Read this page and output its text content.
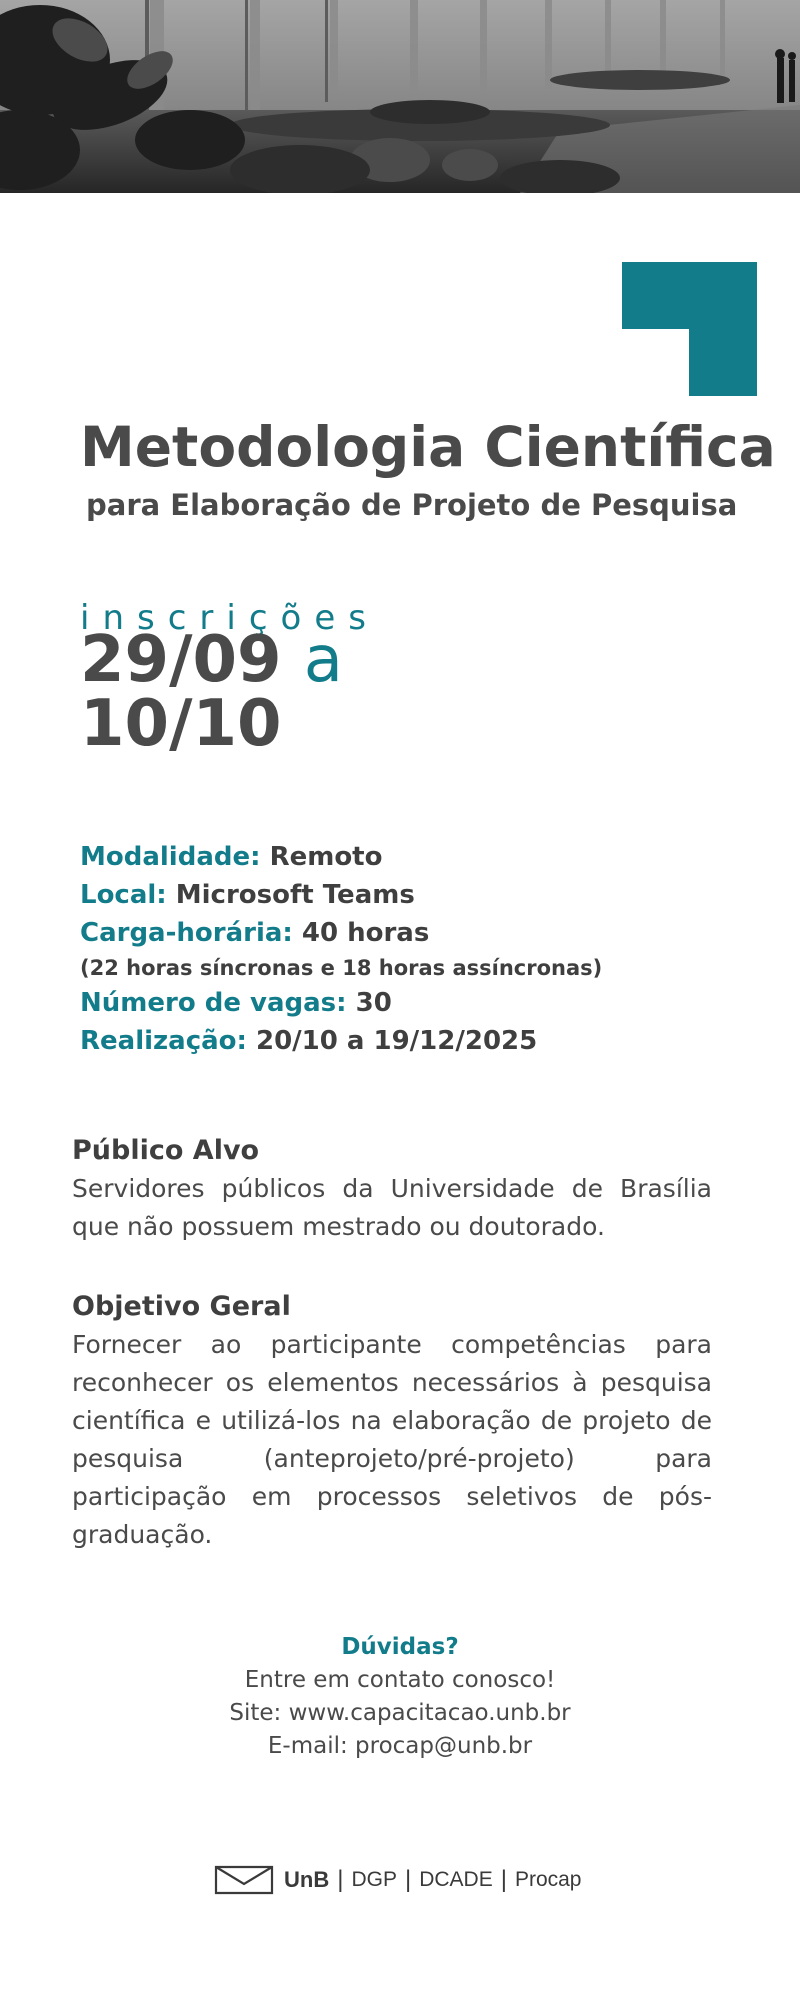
Metodologia Científica
para Elaboração de Projeto de Pesquisa
inscrições
29/09 a
10/10
Modalidade: Remoto
Local: Microsoft Teams
Carga-horária: 40 horas
(22 horas síncronas e 18 horas assíncronas)
Número de vagas: 30
Realização: 20/10 a 19/12/2025
Público Alvo

Servidores públicos da Universidade de Brasília que não possuem mestrado ou doutorado.

Objetivo Geral

Fornecer ao participante competências para reconhecer os elementos necessários à pesquisa científica e utilizá-los na elaboração de projeto de pesquisa (anteprojeto/pré-projeto) para participação em processos seletivos de pós-graduação.

Dúvidas?
Entre em contato conosco!
Site: www.capacitacao.unb.br
E-mail: procap@unb.br
UnB | DGP | DCADE | Procap
